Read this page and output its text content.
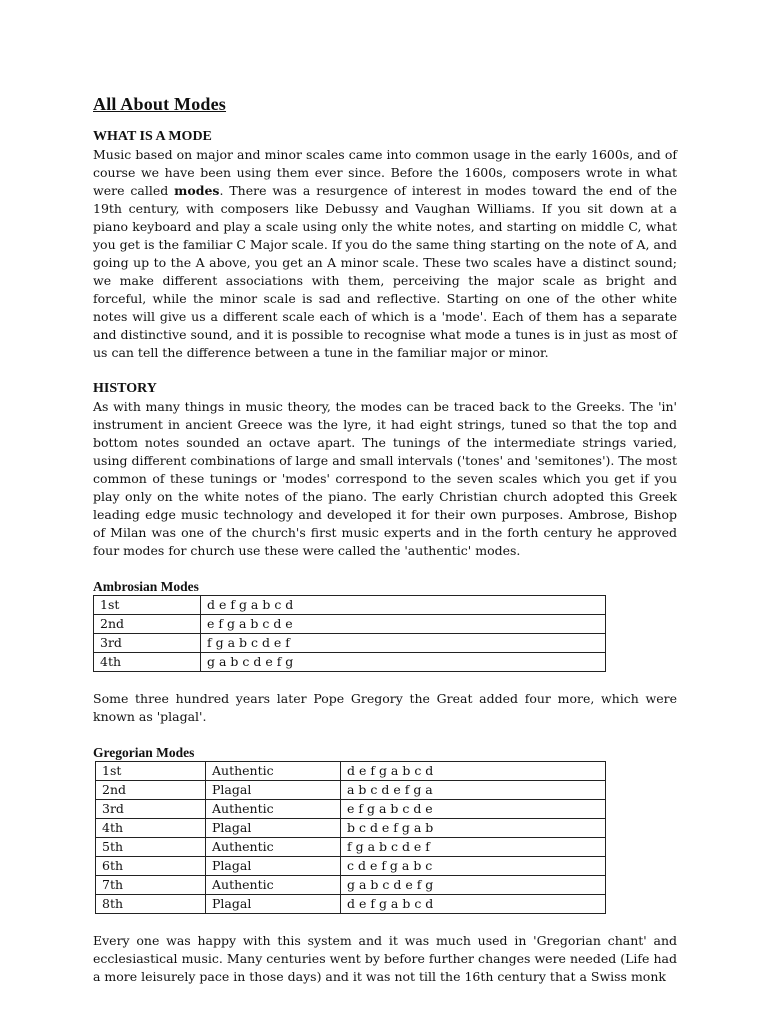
All About Modes
WHAT IS A MODE

Music based on major and minor scales came into common usage in the early 1600s, and of course we have been using them ever since. Before the 1600s, composers wrote in what were called modes. There was a resurgence of interest in modes toward the end of the 19th century, with composers like Debussy and Vaughan Williams. If you sit down at a piano keyboard and play a scale using only the white notes, and starting on middle C, what you get is the familiar C Major scale. If you do the same thing starting on the note of A, and going up to the A above, you get an A minor scale. These two scales have a distinct sound; we make different associations with them, perceiving the major scale as bright and forceful, while the minor scale is sad and reflective. Starting on one of the other white notes will give us a different scale each of which is a 'mode'. Each of them has a separate and distinctive sound, and it is possible to recognise what mode a tunes is in just as most of us can tell the difference between a tune in the familiar major or minor.

HISTORY

As with many things in music theory, the modes can be traced back to the Greeks. The 'in' instrument in ancient Greece was the lyre, it had eight strings, tuned so that the top and bottom notes sounded an octave apart. The tunings of the intermediate strings varied, using different combinations of large and small intervals ('tones' and 'semitones'). The most common of these tunings or 'modes' correspond to the seven scales which you get if you play only on the white notes of the piano. The early Christian church adopted this Greek leading edge music technology and developed it for their own purposes. Ambrose, Bishop of Milan was one of the church's first music experts and in the forth century he approved four modes for church use these were called the 'authentic' modes.

Ambrosian Modes
1st	d e f g a b c d
2nd	e f g a b c d e
3rd	f g a b c d e f
4th	g a b c d e f g

Some three hundred years later Pope Gregory the Great added four more, which were known as 'plagal'.

Gregorian Modes
1st	Authentic	d e f g a b c d
2nd	Plagal	a b c d e f g a
3rd	Authentic	e f g a b c d e
4th	Plagal	b c d e f g a b
5th	Authentic	f g a b c d e f
6th	Plagal	c d e f g a b c
7th	Authentic	g a b c d e f g
8th	Plagal	d e f g a b c d

Every one was happy with this system and it was much used in 'Gregorian chant' and ecclesiastical music. Many centuries went by before further changes were needed (Life had a more leisurely pace in those days) and it was not till the 16th century that a Swiss monk
